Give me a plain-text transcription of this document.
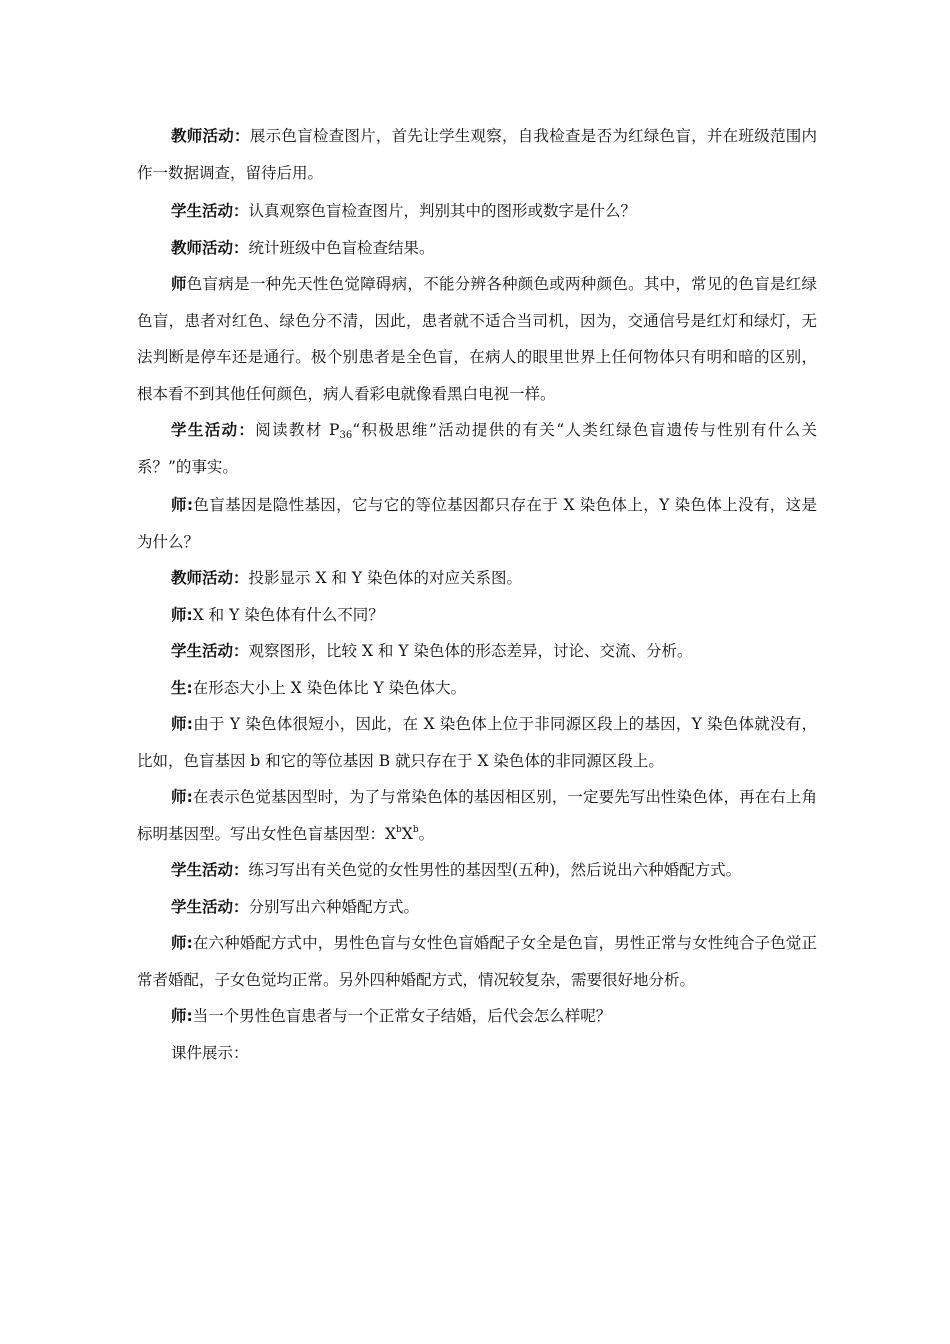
教师活动：展示色盲检查图片，首先让学生观察，自我检查是否为红绿色盲，并在班级范围内作一数据调查，留待后用。

学生活动：认真观察色盲检查图片，判别其中的图形或数字是什么？

教师活动：统计班级中色盲检查结果。

师色盲病是一种先天性色觉障碍病，不能分辨各种颜色或两种颜色。其中，常见的色盲是红绿色盲，患者对红色、绿色分不清，因此，患者就不适合当司机，因为，交通信号是红灯和绿灯，无法判断是停车还是通行。极个别患者是全色盲，在病人的眼里世界上任何物体只有明和暗的区别，根本看不到其他任何颜色，病人看彩电就像看黑白电视一样。

学生活动：阅读教材 $P_{36}“$积极思维”活动提供的有关“人类红绿色盲遗传与性别有什么关系？”的事实。

师:色盲基因是隐性基因，它与它的等位基因都只存在于 X 染色体上，Y 染色体上没有，这是为什么？

教师活动：投影显示 X 和 Y 染色体的对应关系图。

师:X 和 Y 染色体有什么不同？

学生活动：观察图形，比较 X 和 Y 染色体的形态差异，讨论、交流、分析。

生:在形态大小上 X 染色体比 Y 染色体大。

师:由于 Y 染色体很短小，因此，在 X 染色体上位于非同源区段上的基因，Y 染色体就没有，比如，色盲基因 b 和它的等位基因 B 就只存在于 X 染色体的非同源区段上。

师:在表示色觉基因型时，为了与常染色体的基因相区别，一定要先写出性染色体，再在右上角标明基因型。写出女性色盲基因型：$X^bX^b$。

学生活动：练习写出有关色觉的女性男性的基因型(五种)，然后说出六种婚配方式。

学生活动：分别写出六种婚配方式。

师:在六种婚配方式中，男性色盲与女性色盲婚配子女全是色盲，男性正常与女性纯合子色觉正常者婚配，子女色觉均正常。另外四种婚配方式，情况较复杂，需要很好地分析。

师:当一个男性色盲患者与一个正常女子结婚，后代会怎么样呢？

课件展示：
